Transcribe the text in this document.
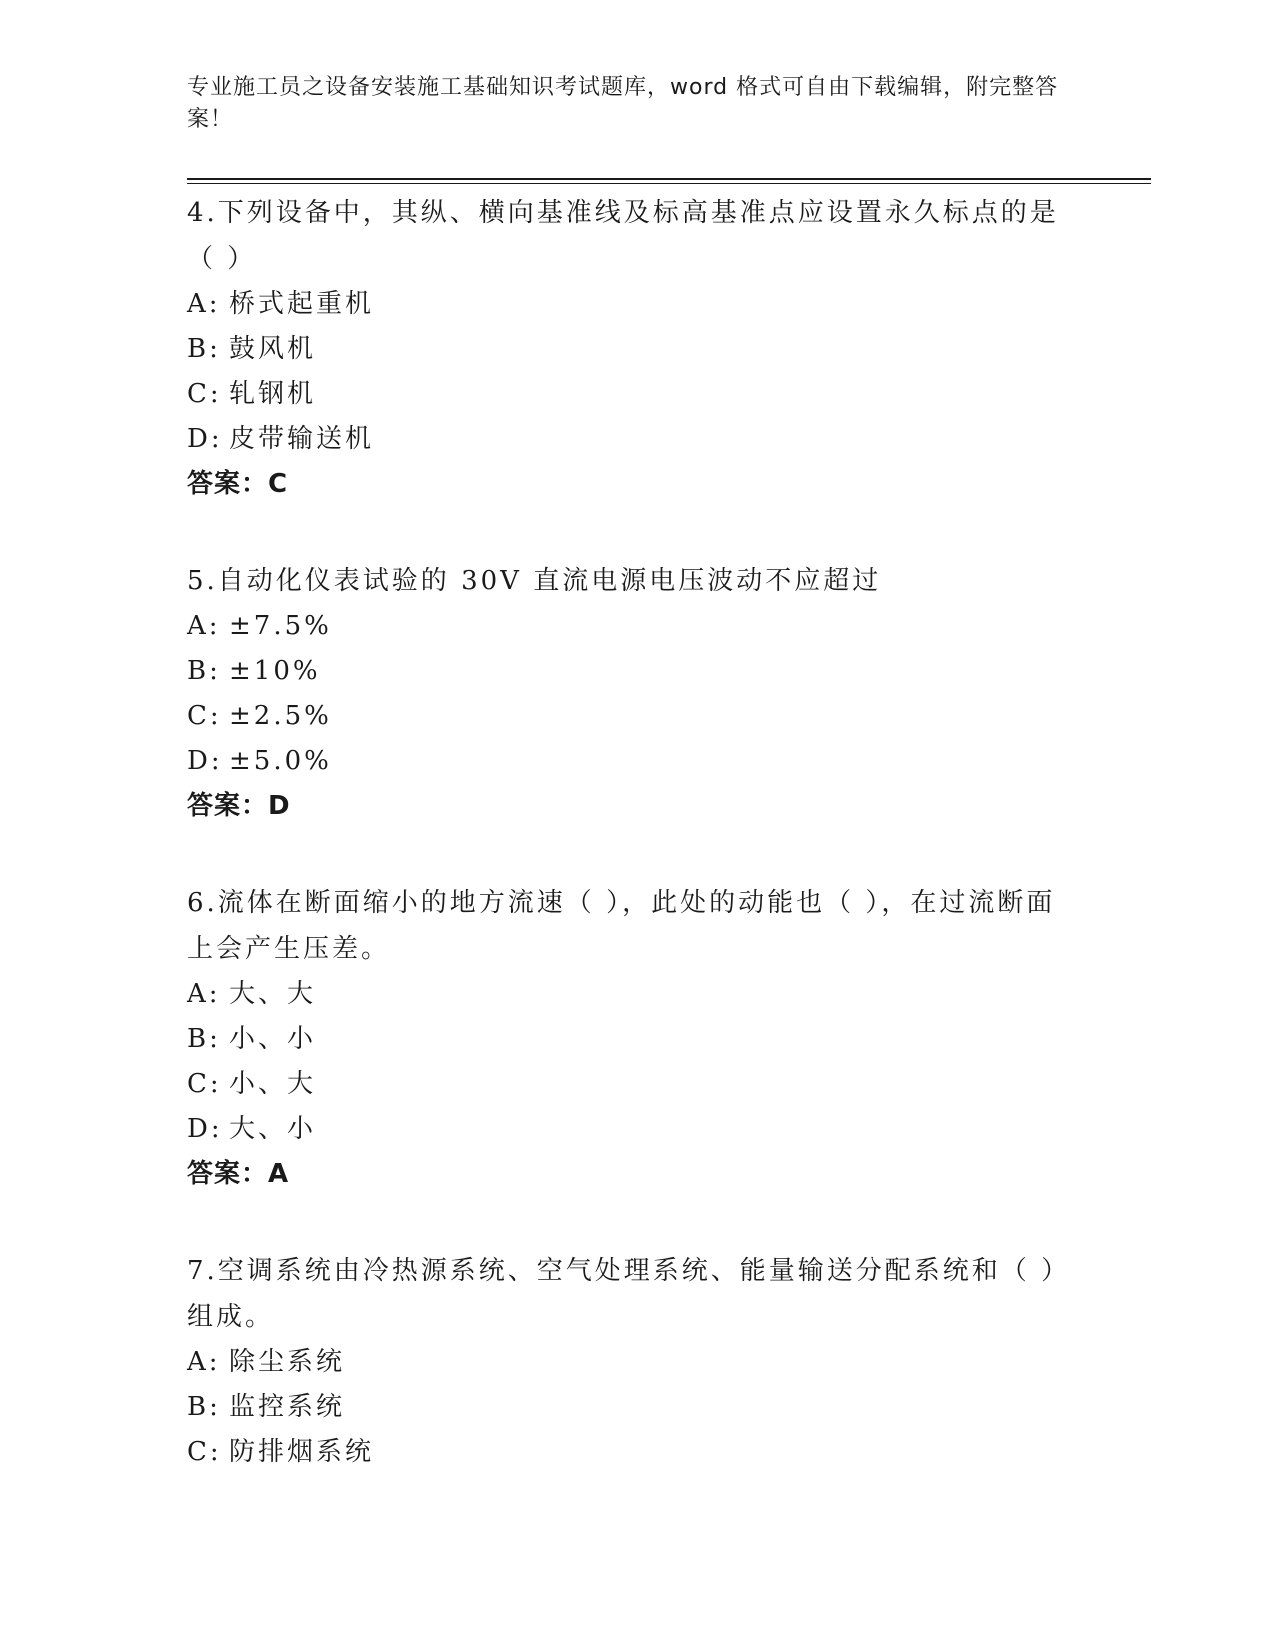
专业施工员之设备安装施工基础知识考试题库，word 格式可自由下载编辑，附完整答案！
4.下列设备中，其纵、横向基准线及标高基准点应设置永久标点的是（ ）
A: 桥式起重机
B: 鼓风机
C: 轧钢机
D: 皮带输送机
答案：C
5.自动化仪表试验的 30V 直流电源电压波动不应超过
A: ±7.5%
B: ±10%
C: ±2.5%
D: ±5.0%
答案：D
6.流体在断面缩小的地方流速（ ），此处的动能也（ ），在过流断面上会产生压差。
A: 大、大
B: 小、小
C: 小、大
D: 大、小
答案：A
7.空调系统由冷热源系统、空气处理系统、能量输送分配系统和（ ）组成。
A: 除尘系统
B: 监控系统
C: 防排烟系统
